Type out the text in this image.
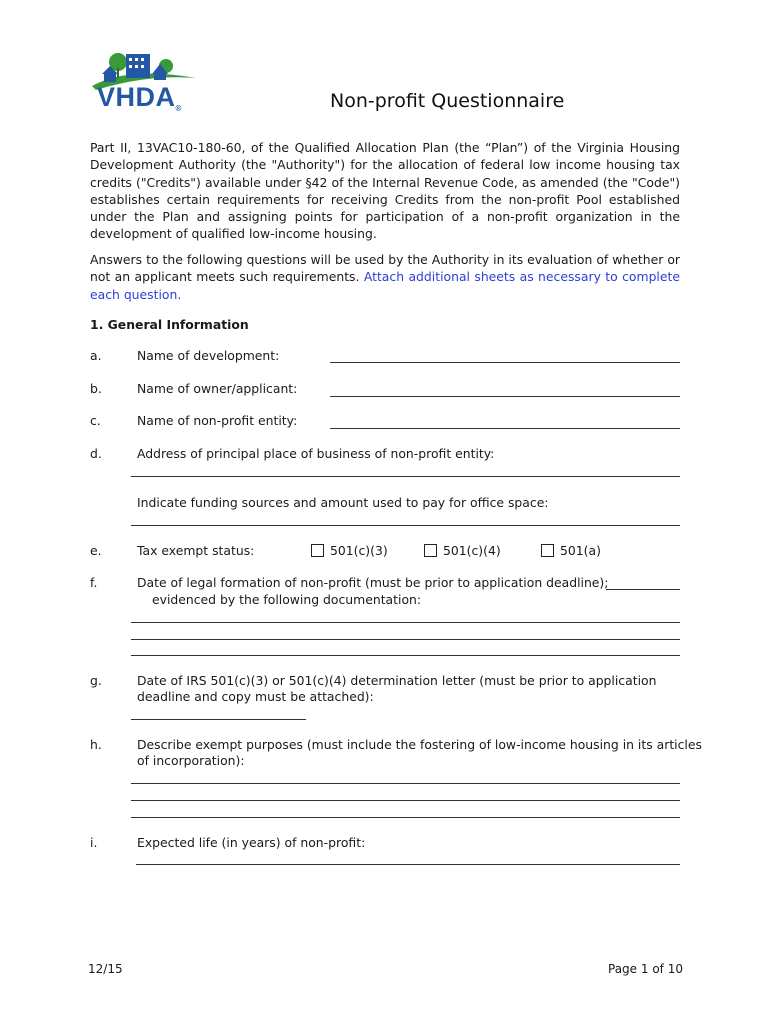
VHDA®	Non-profit Questionnaire
Part II, 13VAC10-180-60, of the Qualified Allocation Plan (the “Plan”) of the Virginia Housing Development Authority (the "Authority") for the allocation of federal low income housing tax credits ("Credits") available under §42 of the Internal Revenue Code, as amended (the "Code") establishes certain requirements for receiving Credits from the non-profit Pool established under the Plan and assigning points for participation of a non-profit organization in the development of qualified low-income housing.
Answers to the following questions will be used by the Authority in its evaluation of whether or not an applicant meets such requirements. Attach additional sheets as necessary to complete each question.
1. General Information
a.	Name of development:
b.	Name of owner/applicant:
c.	Name of non-profit entity:
d.	Address of principal place of business of non-profit entity:
Indicate funding sources and amount used to pay for office space:
e.	Tax exempt status:	501(c)(3)	501(c)(4)	501(a)
f.	Date of legal formation of non-profit (must be prior to application deadline);
evidenced by the following documentation:
g.	Date of IRS 501(c)(3) or 501(c)(4) determination letter (must be prior to application
deadline and copy must be attached):
h.	Describe exempt purposes (must include the fostering of low-income housing in its articles
of incorporation):
i.	Expected life (in years) of non-profit:
12/15	Page 1 of 10
